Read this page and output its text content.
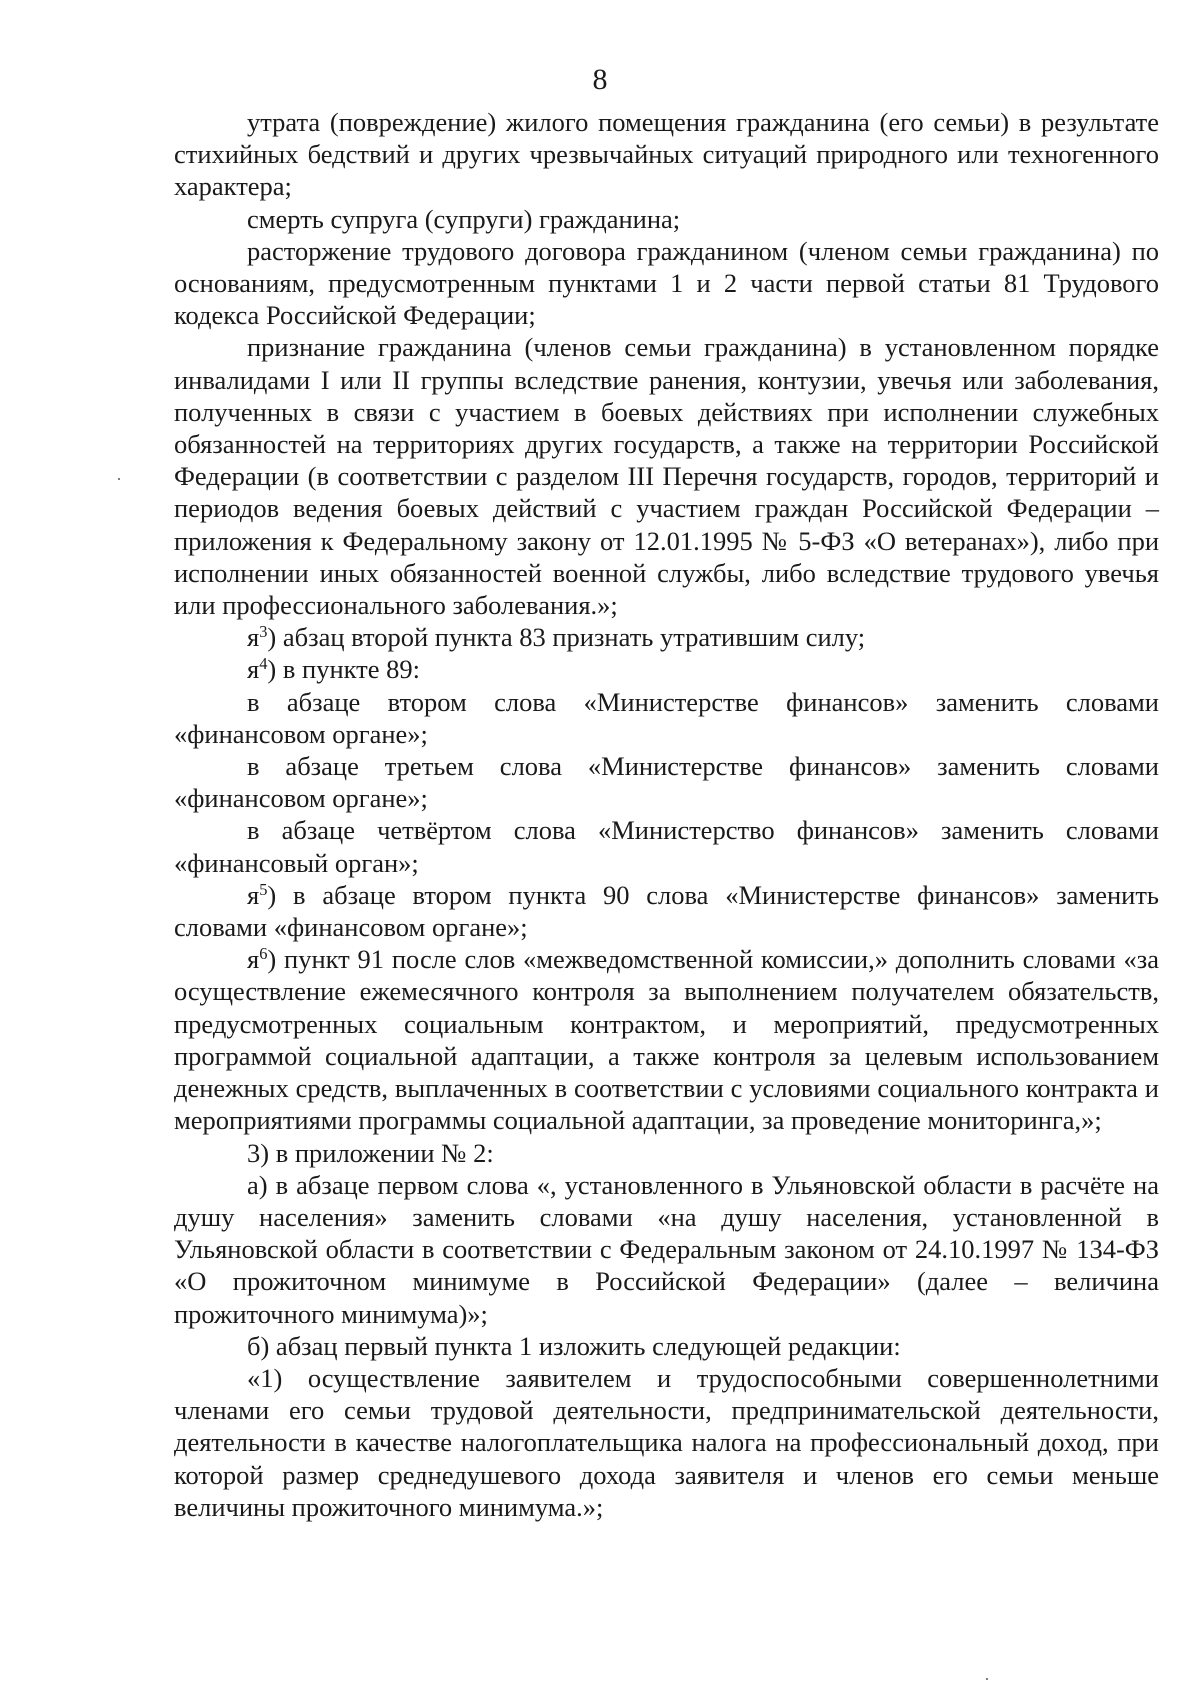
8

утрата (повреждение) жилого помещения гражданина (его семьи) в результате стихийных бедствий и других чрезвычайных ситуаций природного или техногенного характера;

смерть супруга (супруги) гражданина;

расторжение трудового договора гражданином (членом семьи гражданина) по основаниям, предусмотренным пунктами 1 и 2 части первой статьи 81 Трудового кодекса Российской Федерации;

признание гражданина (членов семьи гражданина) в установленном порядке инвалидами I или II группы вследствие ранения, контузии, увечья или заболевания, полученных в связи с участием в боевых действиях при исполнении служебных обязанностей на территориях других государств, а также на территории Российской Федерации (в соответствии с разделом III Перечня государств, городов, территорий и периодов ведения боевых действий с участием граждан Российской Федерации – приложения к Федеральному закону от 12.01.1995 № 5-ФЗ «О ветеранах»), либо при исполнении иных обязанностей военной службы, либо вследствие трудового увечья или профессионального заболевания.»;

$я^3$) абзац второй пункта 83 признать утратившим силу;

$я^4$) в пункте 89:

в абзаце втором слова «Министерстве финансов» заменить словами «финансовом органе»;

в абзаце третьем слова «Министерстве финансов» заменить словами «финансовом органе»;

в абзаце четвёртом слова «Министерство финансов» заменить словами «финансовый орган»;

$я^5$) в абзаце втором пункта 90 слова «Министерстве финансов» заменить словами «финансовом органе»;

$я^6$) пункт 91 после слов «межведомственной комиссии,» дополнить словами «за осуществление ежемесячного контроля за выполнением получателем обязательств, предусмотренных социальным контрактом, и мероприятий, предусмотренных программой социальной адаптации, а также контроля за целевым использованием денежных средств, выплаченных в соответствии с условиями социального контракта и мероприятиями программы социальной адаптации, за проведение мониторинга,»;

3) в приложении № 2:

а) в абзаце первом слова «, установленного в Ульяновской области в расчёте на душу населения» заменить словами «на душу населения, установленной в Ульяновской области в соответствии с Федеральным законом от 24.10.1997 № 134-ФЗ «О прожиточном минимуме в Российской Федерации» (далее – величина прожиточного минимума)»;

б) абзац первый пункта 1 изложить следующей редакции:

«1) осуществление заявителем и трудоспособными совершеннолетними членами его семьи трудовой деятельности, предпринимательской деятельности, деятельности в качестве налогоплательщика налога на профессиональный доход, при которой размер среднедушевого дохода заявителя и членов его семьи меньше величины прожиточного минимума.»;
